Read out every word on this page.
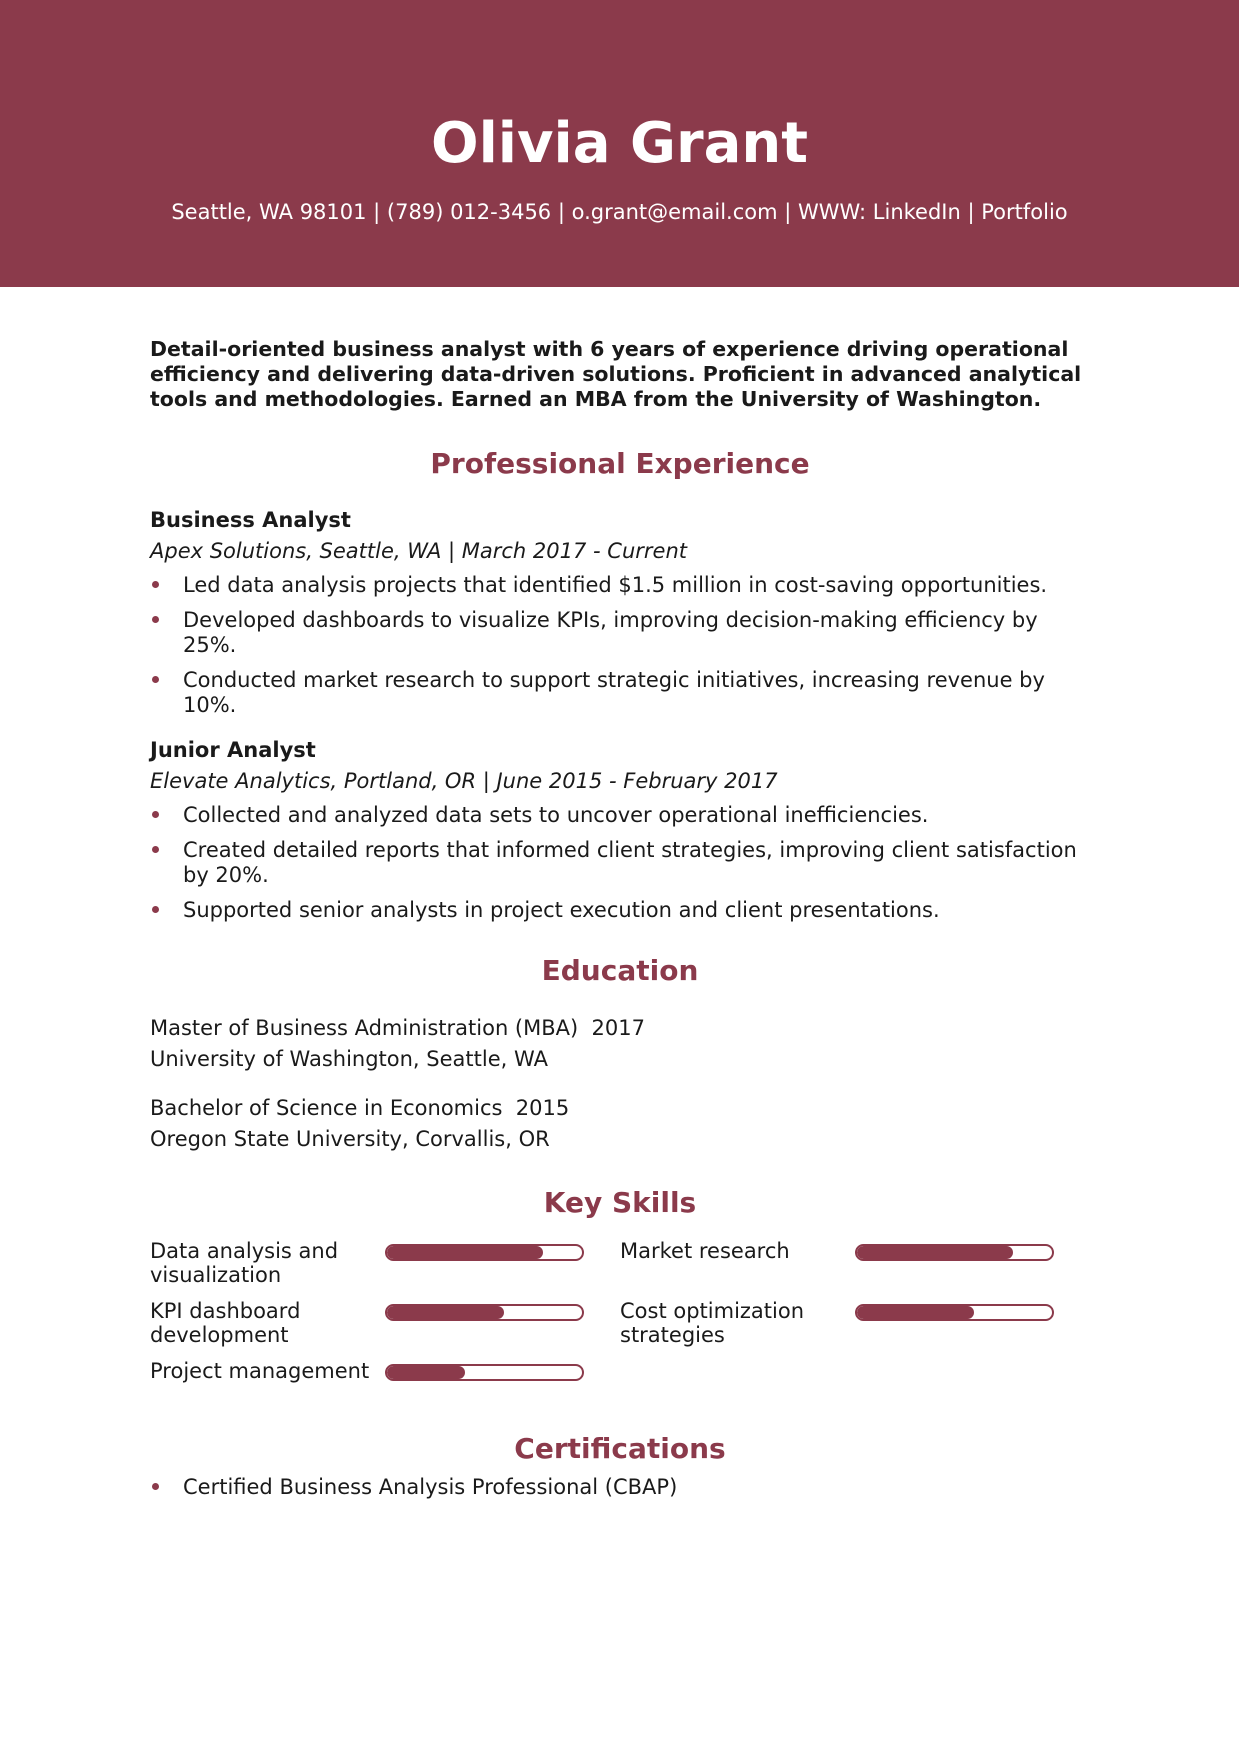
Olivia Grant
Seattle, WA 98101 | (789) 012-3456 | o.grant@email.com | WWW: LinkedIn | Portfolio
Detail-oriented business analyst with 6 years of experience driving operational efficiency and delivering data-driven solutions. Proficient in advanced analytical tools and methodologies. Earned an MBA from the University of Washington.
Professional Experience
Business Analyst
Apex Solutions, Seattle, WA | March 2017 - Current
Led data analysis projects that identified $1.5 million in cost-saving opportunities.
Developed dashboards to visualize KPIs, improving decision-making efficiency by 25%.
Conducted market research to support strategic initiatives, increasing revenue by 10%.
Junior Analyst
Elevate Analytics, Portland, OR | June 2015 - February 2017
Collected and analyzed data sets to uncover operational inefficiencies.
Created detailed reports that informed client strategies, improving client satisfaction by 20%.
Supported senior analysts in project execution and client presentations.
Education
Master of Business Administration (MBA)  2017
University of Washington, Seattle, WA
Bachelor of Science in Economics  2015
Oregon State University, Corvallis, OR
Key Skills
Data analysis and visualization
Market research
KPI dashboard development
Cost optimization strategies
Project management
Certifications
Certified Business Analysis Professional (CBAP)
